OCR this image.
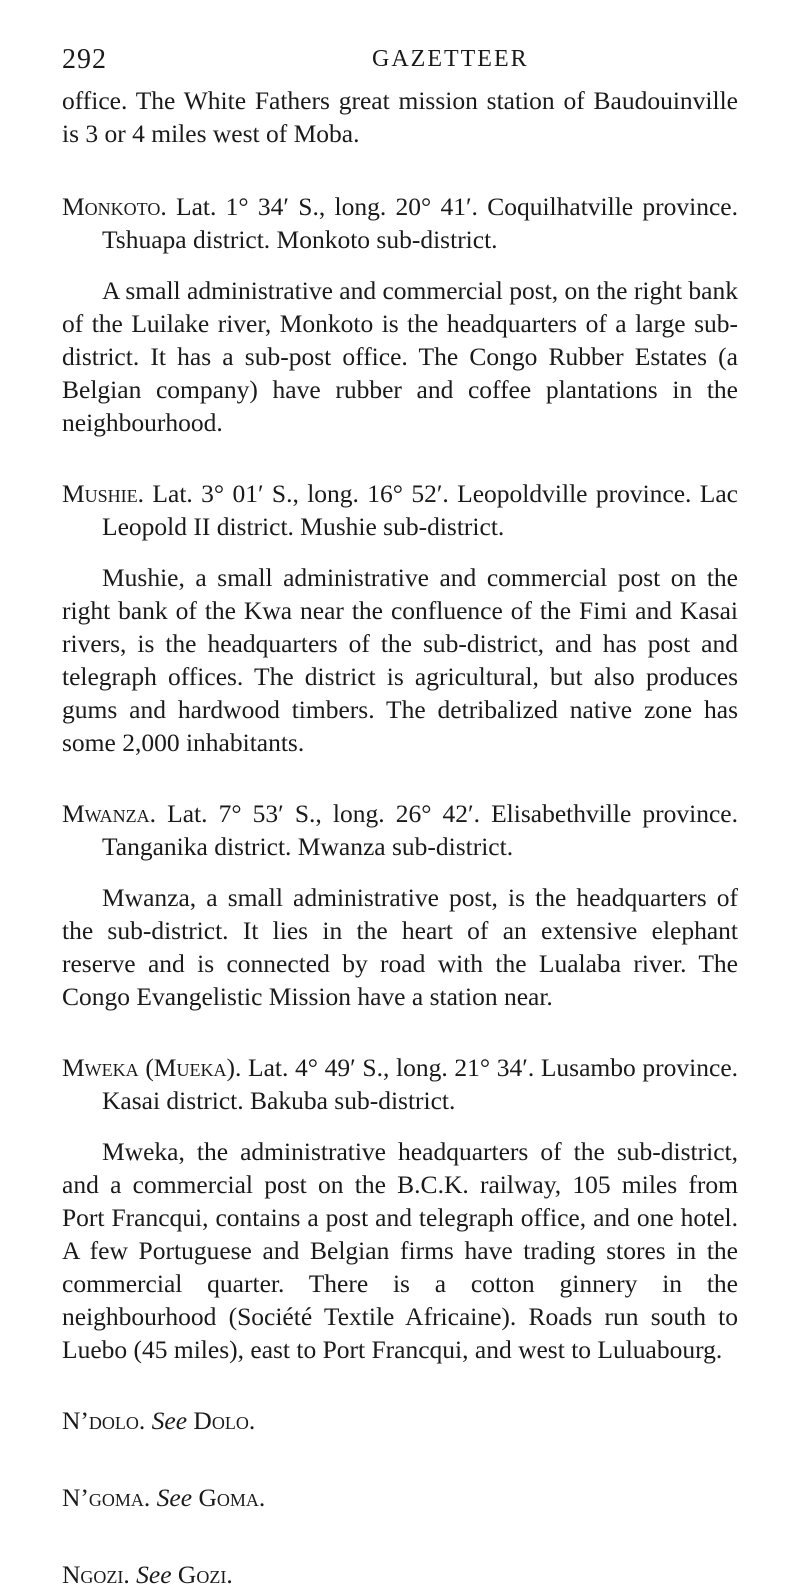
292	GAZETTEER

office. The White Fathers great mission station of Baudouinville is 3 or 4 miles west of Moba.

Monkoto. Lat. 1° 34′ S., long. 20° 41′. Coquilhatville province. Tshuapa district. Monkoto sub-district.

A small administrative and commercial post, on the right bank of the Luilake river, Monkoto is the headquarters of a large sub-district. It has a sub-post office. The Congo Rubber Estates (a Belgian company) have rubber and coffee plantations in the neighbourhood.

Mushie. Lat. 3° 01′ S., long. 16° 52′. Leopoldville province. Lac Leopold II district. Mushie sub-district.

Mushie, a small administrative and commercial post on the right bank of the Kwa near the confluence of the Fimi and Kasai rivers, is the headquarters of the sub-district, and has post and telegraph offices. The district is agricultural, but also produces gums and hardwood timbers. The detribalized native zone has some 2,000 inhabitants.

Mwanza. Lat. 7° 53′ S., long. 26° 42′. Elisabethville province. Tanganika district. Mwanza sub-district.

Mwanza, a small administrative post, is the headquarters of the sub-district. It lies in the heart of an extensive elephant reserve and is connected by road with the Lualaba river. The Congo Evangelistic Mission have a station near.

Mweka (Mueka). Lat. 4° 49′ S., long. 21° 34′. Lusambo province. Kasai district. Bakuba sub-district.

Mweka, the administrative headquarters of the sub-district, and a commercial post on the B.C.K. railway, 105 miles from Port Francqui, contains a post and telegraph office, and one hotel. A few Portuguese and Belgian firms have trading stores in the commercial quarter. There is a cotton ginnery in the neighbourhood (Société Textile Africaine). Roads run south to Luebo (45 miles), east to Port Francqui, and west to Luluabourg.

N’dolo. See Dolo.

N’goma. See Goma.

Ngozi. See Gozi.
